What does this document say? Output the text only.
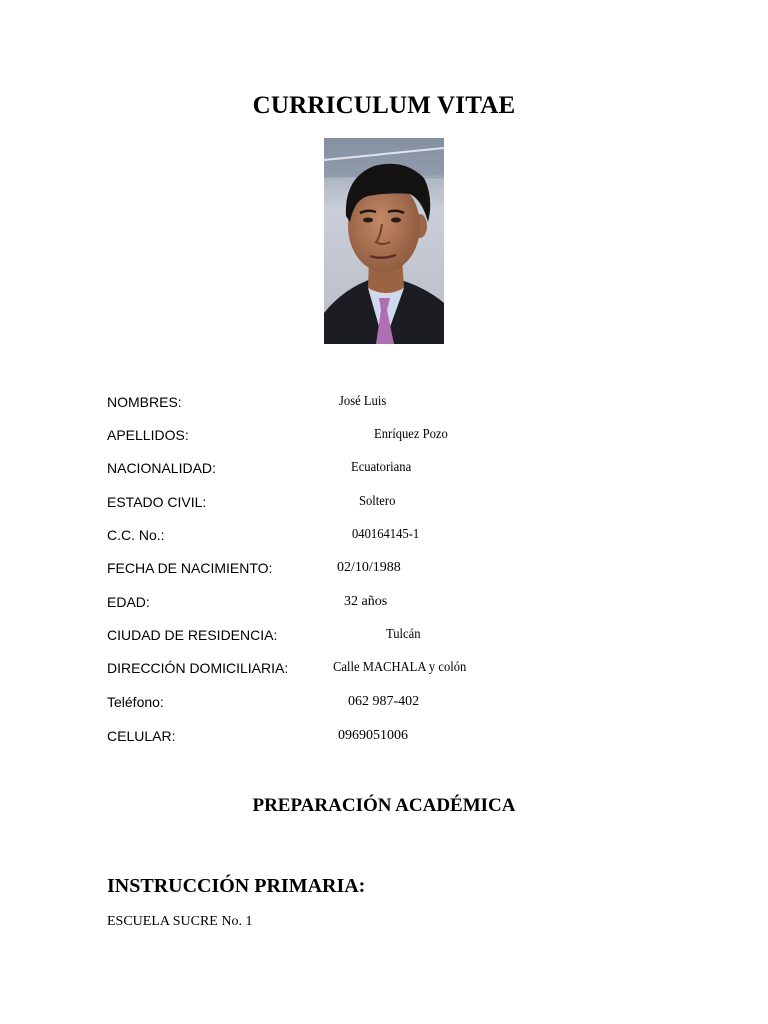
CURRICULUM VITAE
NOMBRES:	José Luis
APELLIDOS:	Enríquez Pozo
NACIONALIDAD:	Ecuatoriana
ESTADO CIVIL:	Soltero
C.C. No.:	040164145-1
FECHA DE NACIMIENTO:	02/10/1988
EDAD:	32 años
CIUDAD DE RESIDENCIA:	Tulcán
DIRECCIÓN DOMICILIARIA:	Calle MACHALA y colón
Teléfono:	062 987-402
CELULAR:	0969051006
PREPARACIÓN ACADÉMICA
INSTRUCCIÓN PRIMARIA:
ESCUELA SUCRE No. 1
